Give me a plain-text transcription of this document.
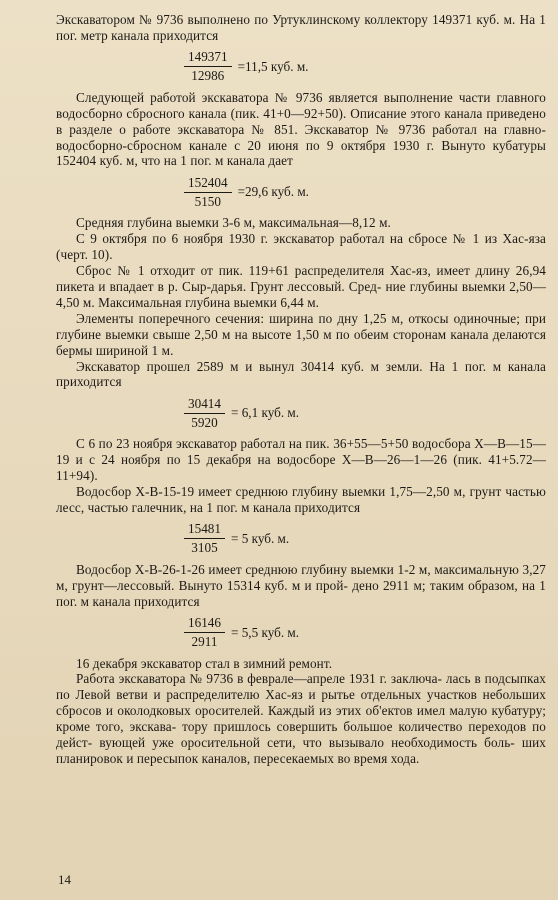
Экскаватором № 9736 выполнено по Уртуклинскому коллектору 149371 куб. м. На 1 пог. метр канала приходится

$\frac{149371}{12986} =11,5$ куб. м.

Следующей работой экскаватора № 9736 является выполнение части главного водосборно сбросного канала (пик. 41+0—92+50). Описание этого канала приведено в разделе о работе экскаватора № 851. Экскаватор № 9736 работал на главно-водосборно-сбросном канале с 20 июня по 9 октября 1930 г. Вынуто кубатуры 152404 куб. м, что на 1 пог. м канала дает

$\frac{152404}{5150} =29,6$ куб. м.

Средняя глубина выемки 3-6 м, максимальная—8,12 м.

С 9 октября по 6 ноября 1930 г. экскаватор работал на сбросе № 1 из Хас-яза (черт. 10).

Сброс № 1 отходит от пик. 119+61 распределителя Хас-яз, имеет длину 26,94 пикета и впадает в р. Сыр-дарья. Грунт лессовый. Сред- ние глубины выемки 2,50—4,50 м. Максимальная глубина выемки 6,44 м.

Элементы поперечного сечения: ширина по дну 1,25 м, откосы одиночные; при глубине выемки свыше 2,50 м на высоте 1,50 м по обеим сторонам канала делаются бермы шириной 1 м.

Экскаватор прошел 2589 м и вынул 30414 куб. м земли. На 1 пог. м канала приходится

$\frac{30414}{5920} = 6,1$ куб. м.

С 6 по 23 ноября экскаватор работал на пик. 36+55—5+50 водосбора Х—В—15—19 и с 24 ноября по 15 декабря на водосборе Х—В—26—1—26 (пик. 41+5.72—11+94).

Водосбор Х-В-15-19 имеет среднюю глубину выемки 1,75—2,50 м, грунт частью лесс, частью галечник, на 1 пог. м канала приходится

$\frac{15481}{3105} = 5$ куб. м.

Водосбор Х-В-26-1-26 имеет среднюю глубину выемки 1-2 м, максимальную 3,27 м, грунт—лессовый. Вынуто 15314 куб. м и прой- дено 2911 м; таким образом, на 1 пог. м канала приходится

$\frac{16146}{2911} = 5,5$ куб. м.

16 декабря экскаватор стал в зимний ремонт.

Работа экскаватора № 9736 в феврале—апреле 1931 г. заключа- лась в подсыпках по Левой ветви и распределителю Хас-яз и рытье отдельных участков небольших сбросов и околодковых оросителей. Каждый из этих об'ектов имел малую кубатуру; кроме того, экскава- тору пришлось совершить большое количество переходов по дейст- вующей уже оросительной сети, что вызывало необходимость боль- ших планировок и пересыпок каналов, пересекаемых во время хода.

14
